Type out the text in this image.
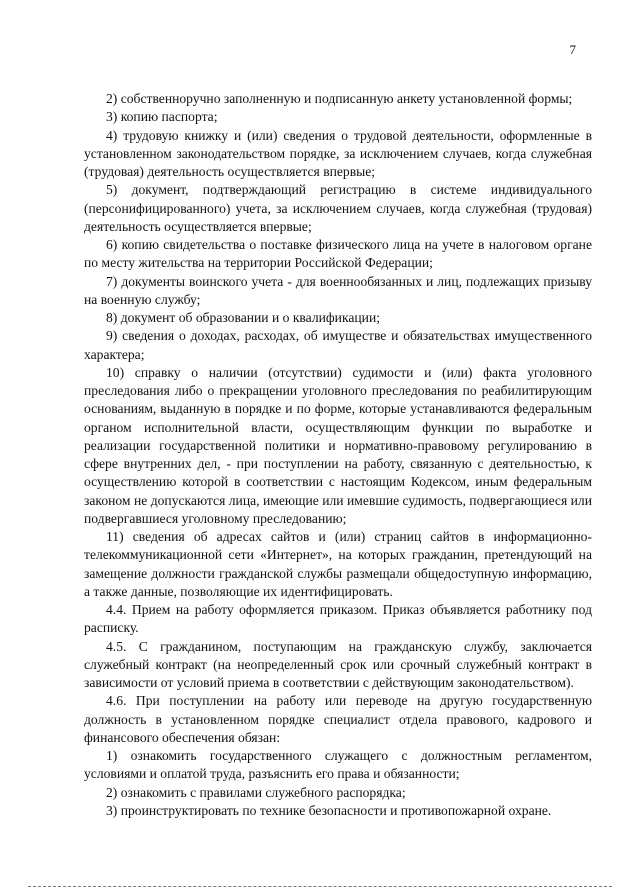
7

2) собственноручно заполненную и подписанную анкету установленной формы;

3) копию паспорта;

4) трудовую книжку и (или) сведения о трудовой деятельности, оформленные в установленном законодательством порядке, за исключением случаев, когда служебная (трудовая) деятельность осуществляется впервые;

5) документ, подтверждающий регистрацию в системе индивидуального (персонифицированного) учета, за исключением случаев, когда служебная (трудовая) деятельность осуществляется впервые;

6) копию свидетельства о поставке физического лица на учете в налоговом органе по месту жительства на территории Российской Федерации;

7) документы воинского учета - для военнообязанных и лиц, подлежащих призыву на военную службу;

8) документ об образовании и о квалификации;

9) сведения о доходах, расходах, об имуществе и обязательствах имущественного характера;

10) справку о наличии (отсутствии) судимости и (или) факта уголовного преследования либо о прекращении уголовного преследования по реабилитирующим основаниям, выданную в порядке и по форме, которые устанавливаются федеральным органом исполнительной власти, осуществляющим функции по выработке и реализации государственной политики и нормативно-правовому регулированию в сфере внутренних дел, - при поступлении на работу, связанную с деятельностью, к осуществлению которой в соответствии с настоящим Кодексом, иным федеральным законом не допускаются лица, имеющие или имевшие судимость, подвергающиеся или подвергавшиеся уголовному преследованию;

11) сведения об адресах сайтов и (или) страниц сайтов в информационно-телекоммуникационной сети «Интернет», на которых гражданин, претендующий на замещение должности гражданской службы размещали общедоступную информацию, а также данные, позволяющие их идентифицировать.

4.4. Прием на работу оформляется приказом. Приказ объявляется работнику под расписку.

4.5. С гражданином, поступающим на гражданскую службу, заключается служебный контракт (на неопределенный срок или срочный служебный контракт в зависимости от условий приема в соответствии с действующим законодательством).

4.6. При поступлении на работу или переводе на другую государственную должность в установленном порядке специалист отдела правового, кадрового и финансового обеспечения обязан:

1) ознакомить государственного служащего с должностным регламентом, условиями и оплатой труда, разъяснить его права и обязанности;

2) ознакомить с правилами служебного распорядка;

3) проинструктировать по технике безопасности и противопожарной охране.
